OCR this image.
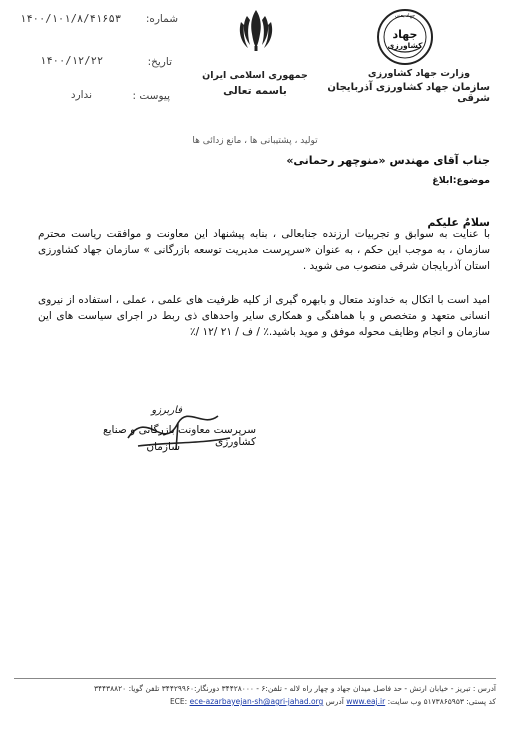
۱۴۰۰/۱۰۱/۸/۴۱۶۵۳	شماره:
۱۴۰۰/۱۲/۲۲	تاریخ:
ندارد	پیوست :
جمهوری اسلامی ایران
باسمه تعالی
جهاد
کشاورزی
جهاد یعنی
وزارت جهاد کشاورزی
سازمان جهاد کشاورزی آذربایجان شرقی
تولید ، پشتیبانی ها ، مانع زدائی ها
جناب آقای مهندس «منوچهر رحمانی»
موضوع:ابلاغ
سلامٌ علیکم

با عنایت به سوابق و تجربیات ارزنده جنابعالی ، بنابه پیشنهاد این معاونت و موافقت ریاست محترم سازمان ، به موجب این حکم ، به عنوان «سرپرست مدیریت توسعه بازرگانی » سازمان جهاد کشاورزی استان آذربایجان شرقی منصوب می شوید .

امید است با اتکال به خداوند متعال و بابهره گیری از کلیه ظرفیت های علمی ، عملی ، استفاده از نیروی انسانی متعهد و متخصص و با هماهنگی و همکاری سایر واحدهای ذی ربط در اجرای سیاست های این سازمان و انجام وظایف محوله موفق و موید باشید.٪ / ف / ۲۱ /۱۲ /٪

فاربرزو
سرپرست معاونت بازرگانی و صنایع کشاورزی
سازمان
آدرس : تبریز - خیابان ارتش - حد فاصل میدان جهاد و چهار راه لاله - تلفن:۶ - ۳۴۴۲۸۰۰۰ دورنگار:۳۴۴۲۹۹۶۰ تلفن گویا: ۳۴۴۳۸۸۲۰
کد پستی: ۵۱۷۳۸۶۵۹۵۳ وب سایت: www.eaj.ir آدرس ECE: ece-azarbayejan-sh@agri-jahad.org
